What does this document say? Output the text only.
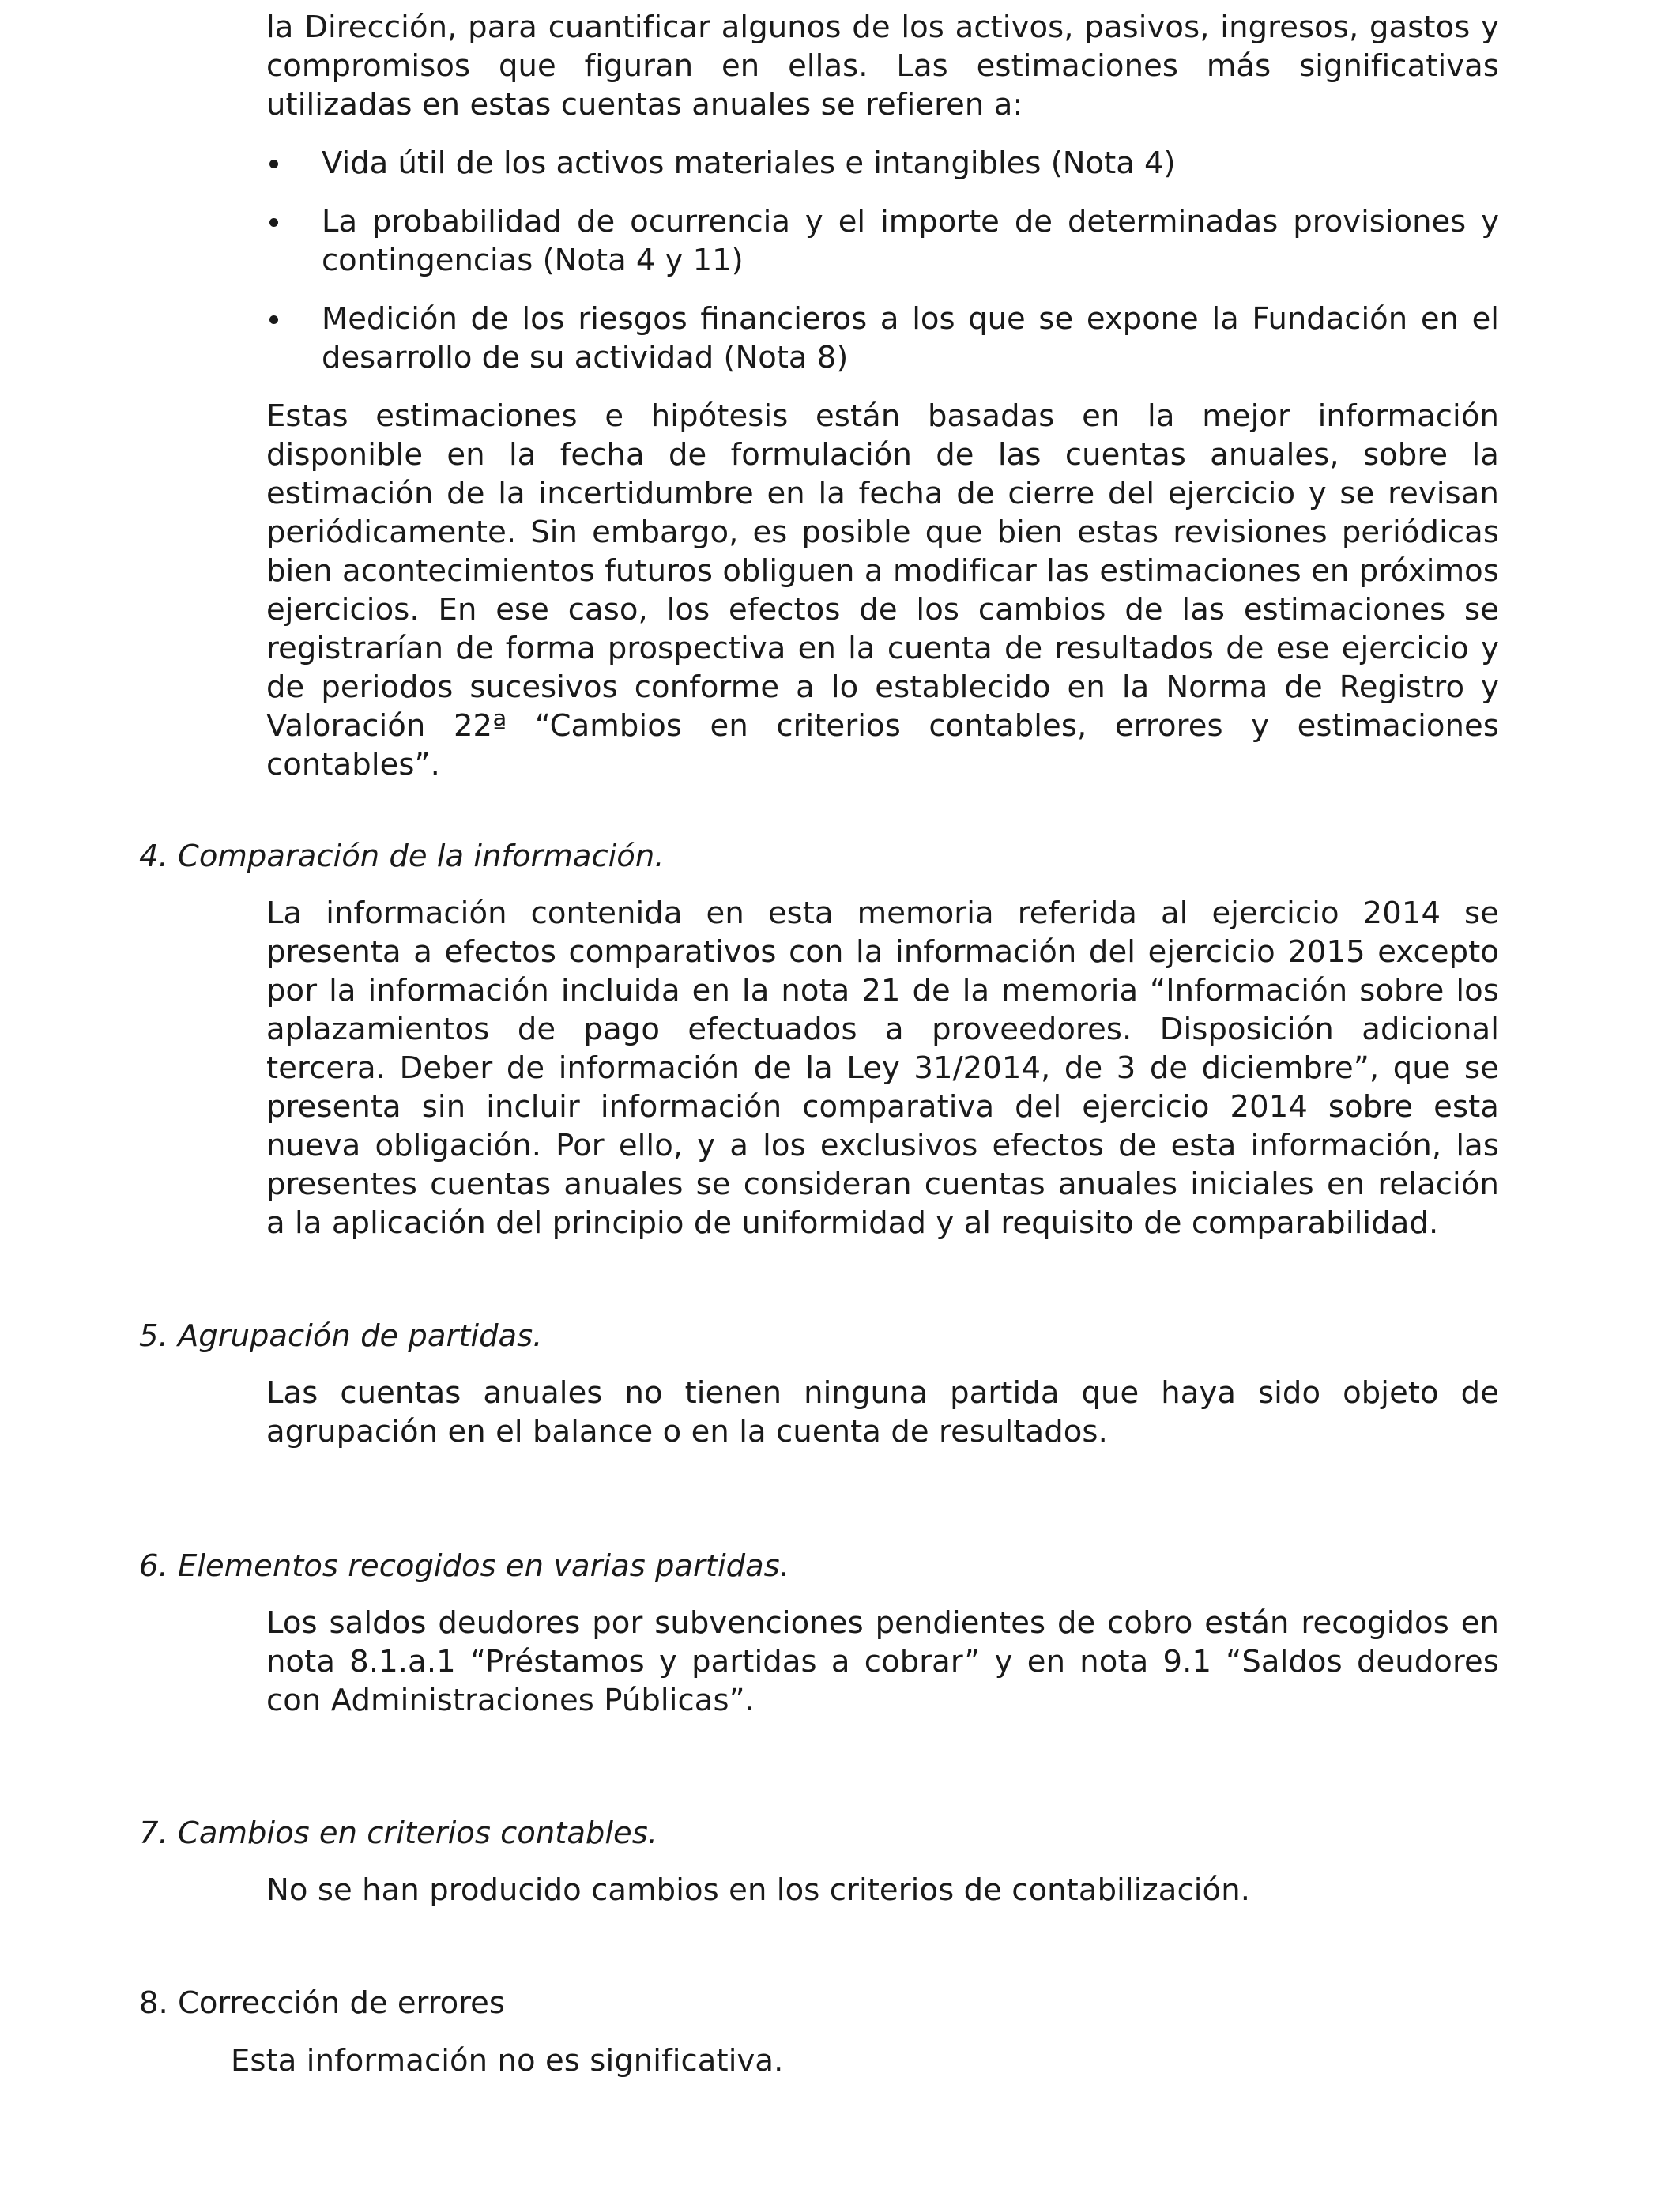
la Dirección, para cuantificar algunos de los activos, pasivos, ingresos, gastos y compromisos que figuran en ellas. Las estimaciones más significativas utilizadas en estas cuentas anuales se refieren a:

Vida útil de los activos materiales e intangibles (Nota 4)
La probabilidad de ocurrencia y el importe de determinadas provisiones y contingencias (Nota 4 y 11)
Medición de los riesgos financieros a los que se expone la Fundación en el desarrollo de su actividad (Nota 8)

Estas estimaciones e hipótesis están basadas en la mejor información disponible en la fecha de formulación de las cuentas anuales, sobre la estimación de la incertidumbre en la fecha de cierre del ejercicio y se revisan periódicamente. Sin embargo, es posible que bien estas revisiones periódicas bien acontecimientos futuros obliguen a modificar las estimaciones en próximos ejercicios. En ese caso, los efectos de los cambios de las estimaciones se registrarían de forma prospectiva en la cuenta de resultados de ese ejercicio y de periodos sucesivos conforme a lo establecido en la Norma de Registro y Valoración 22ª “Cambios en criterios contables, errores y estimaciones contables”.

4. Comparación de la información.

La información contenida en esta memoria referida al ejercicio 2014 se presenta a efectos comparativos con la información del ejercicio 2015 excepto por la información incluida en la nota 21 de la memoria “Información sobre los aplazamientos de pago efectuados a proveedores. Disposición adicional tercera. Deber de información de la Ley 31/2014, de 3 de diciembre”, que se presenta sin incluir información comparativa del ejercicio 2014 sobre esta nueva obligación. Por ello, y a los exclusivos efectos de esta información, las presentes cuentas anuales se consideran cuentas anuales iniciales en relación a la aplicación del principio de uniformidad y al requisito de comparabilidad.

5. Agrupación de partidas.

Las cuentas anuales no tienen ninguna partida que haya sido objeto de agrupación en el balance o en la cuenta de resultados.

6. Elementos recogidos en varias partidas.

Los saldos deudores por subvenciones pendientes de cobro están recogidos en nota 8.1.a.1 “Préstamos y partidas a cobrar” y en nota 9.1 “Saldos deudores con Administraciones Públicas”.

7. Cambios en criterios contables.

No se han producido cambios en los criterios de contabilización.

8. Corrección de errores

Esta información no es significativa.
